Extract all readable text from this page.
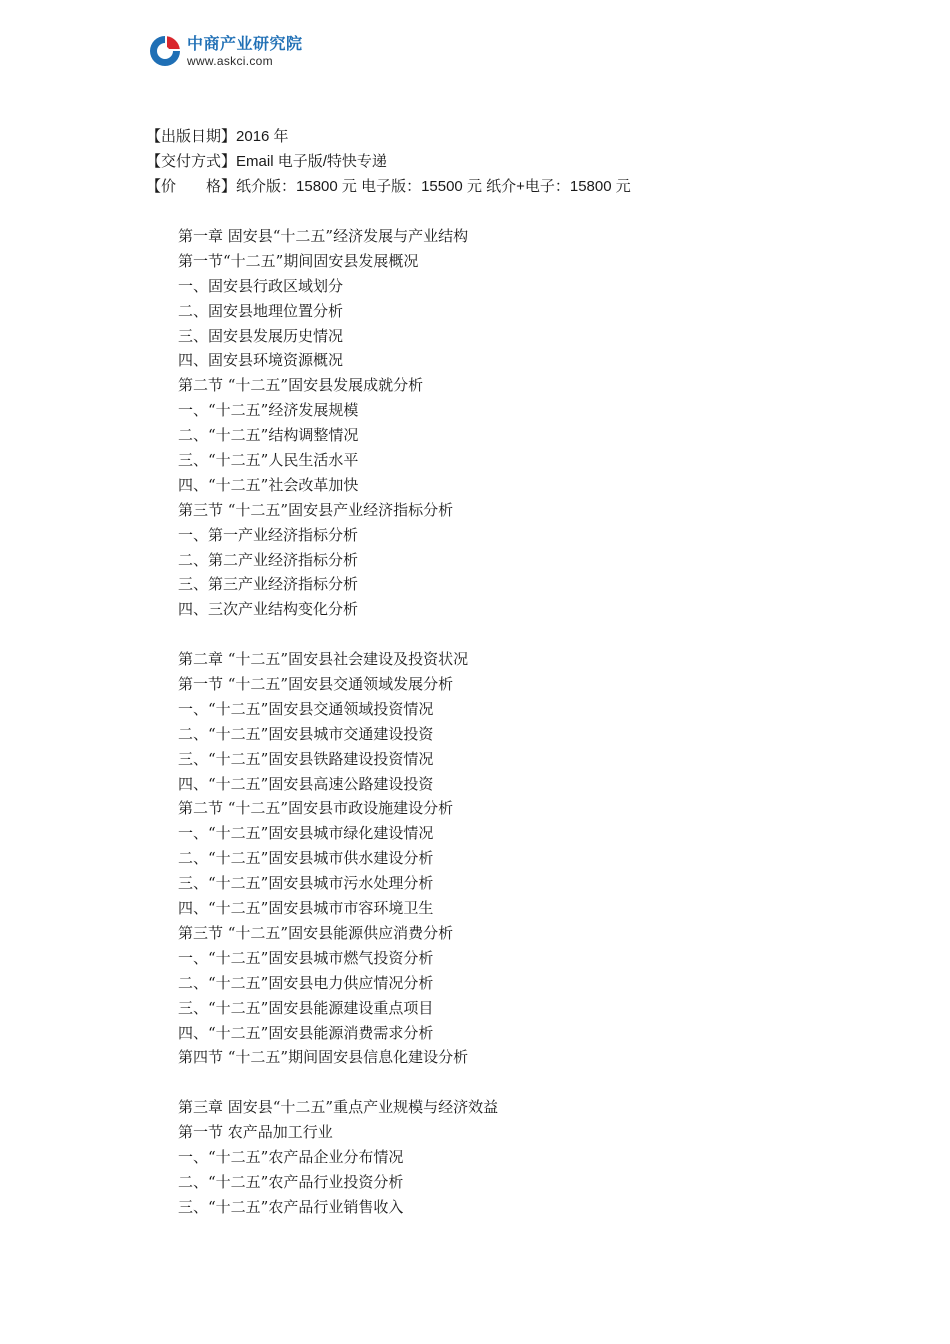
中商产业研究院
www.askci.com
【出版日期】2016 年
【交付方式】Email 电子版/特快专递
【价　　格】纸介版：15800 元 电子版：15500 元 纸介+电子：15800 元
第一章 固安县“十二五”经济发展与产业结构
第一节“十二五”期间固安县发展概况
一、固安县行政区域划分
二、固安县地理位置分析
三、固安县发展历史情况
四、固安县环境资源概况
第二节 “十二五”固安县发展成就分析
一、“十二五”经济发展规模
二、“十二五”结构调整情况
三、“十二五”人民生活水平
四、“十二五”社会改革加快
第三节 “十二五”固安县产业经济指标分析
一、第一产业经济指标分析
二、第二产业经济指标分析
三、第三产业经济指标分析
四、三次产业结构变化分析
第二章 “十二五”固安县社会建设及投资状况
第一节 “十二五”固安县交通领域发展分析
一、“十二五”固安县交通领域投资情况
二、“十二五”固安县城市交通建设投资
三、“十二五”固安县铁路建设投资情况
四、“十二五”固安县高速公路建设投资
第二节 “十二五”固安县市政设施建设分析
一、“十二五”固安县城市绿化建设情况
二、“十二五”固安县城市供水建设分析
三、“十二五”固安县城市污水处理分析
四、“十二五”固安县城市市容环境卫生
第三节 “十二五”固安县能源供应消费分析
一、“十二五”固安县城市燃气投资分析
二、“十二五”固安县电力供应情况分析
三、“十二五”固安县能源建设重点项目
四、“十二五”固安县能源消费需求分析
第四节 “十二五”期间固安县信息化建设分析
第三章 固安县“十二五”重点产业规模与经济效益
第一节 农产品加工行业
一、“十二五”农产品企业分布情况
二、“十二五”农产品行业投资分析
三、“十二五”农产品行业销售收入
